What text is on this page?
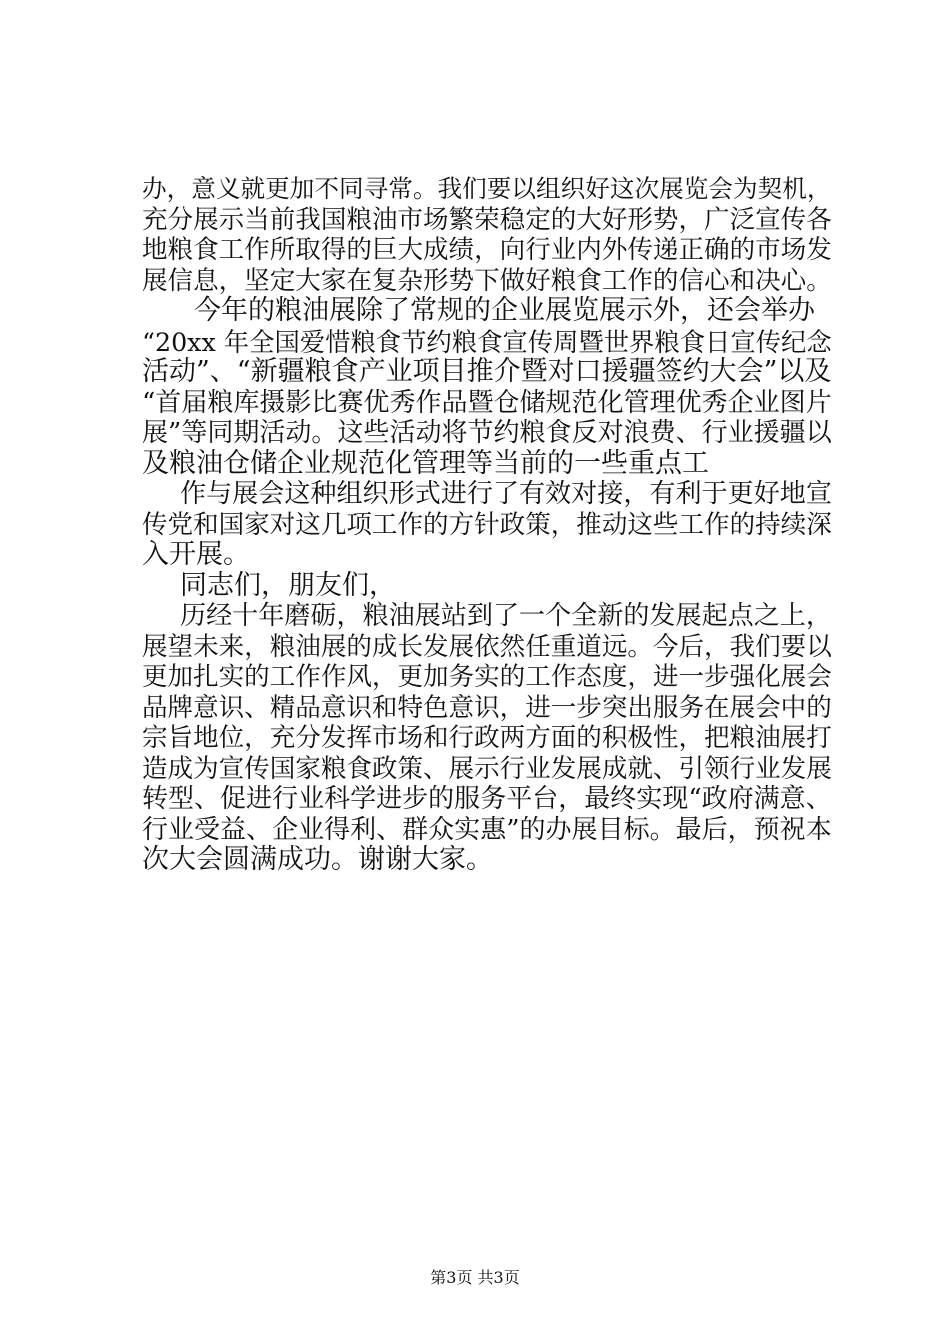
办，意义就更加不同寻常。我们要以组织好这次展览会为契机，
充分展示当前我国粮油市场繁荣稳定的大好形势，广泛宣传各
地粮食工作所取得的巨大成绩，向行业内外传递正确的市场发
展信息，坚定大家在复杂形势下做好粮食工作的信心和决心。
今年的粮油展除了常规的企业展览展示外，还会举办
“20xx 年全国爱惜粮食节约粮食宣传周暨世界粮食日宣传纪念
活动”、“新疆粮食产业项目推介暨对口援疆签约大会”以及
“首届粮库摄影比赛优秀作品暨仓储规范化管理优秀企业图片
展”等同期活动。这些活动将节约粮食反对浪费、行业援疆以
及粮油仓储企业规范化管理等当前的一些重点工
作与展会这种组织形式进行了有效对接，有利于更好地宣
传党和国家对这几项工作的方针政策，推动这些工作的持续深
入开展。
同志们，朋友们，
历经十年磨砺，粮油展站到了一个全新的发展起点之上，
展望未来，粮油展的成长发展依然任重道远。今后，我们要以
更加扎实的工作作风，更加务实的工作态度，进一步强化展会
品牌意识、精品意识和特色意识，进一步突出服务在展会中的
宗旨地位，充分发挥市场和行政两方面的积极性，把粮油展打
造成为宣传国家粮食政策、展示行业发展成就、引领行业发展
转型、促进行业科学进步的服务平台，最终实现“政府满意、
行业受益、企业得利、群众实惠”的办展目标。最后，预祝本
次大会圆满成功。谢谢大家。
第3页 共3页
